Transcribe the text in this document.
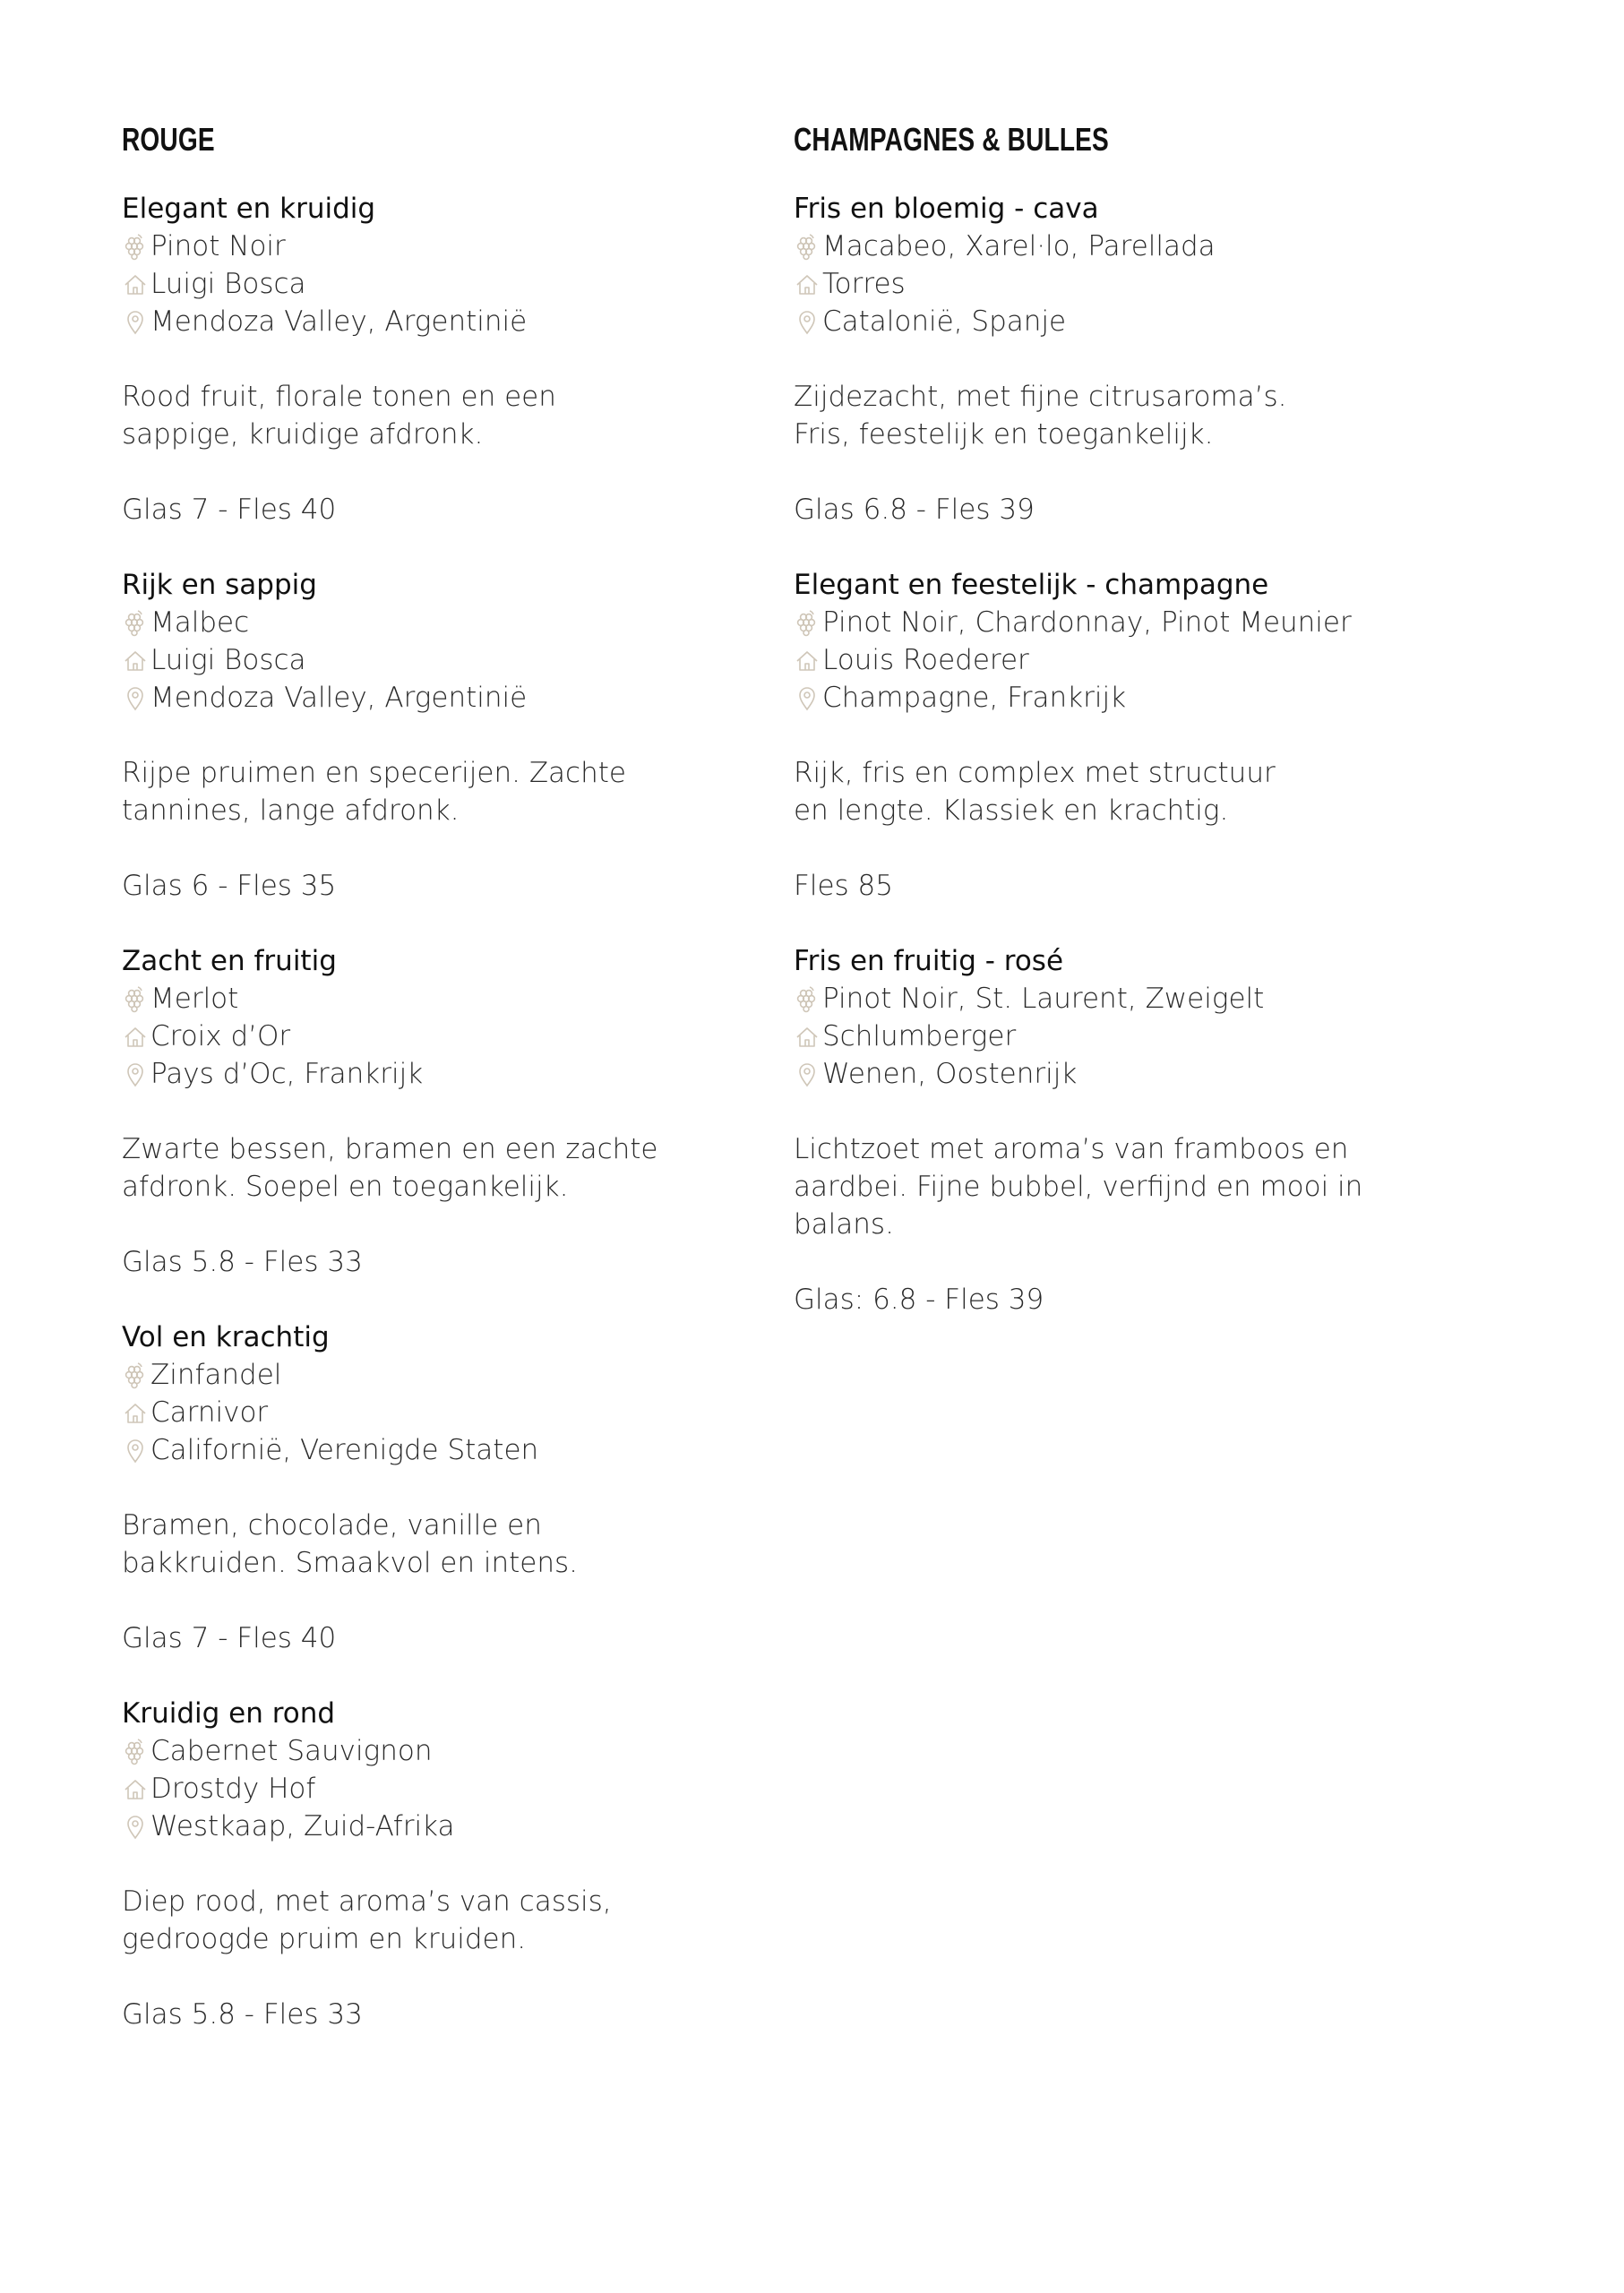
ROUGE
Elegant en kruidig
Pinot Noir
Luigi Bosca
Mendoza Valley, Argentinië
Rood fruit, florale tonen en een
sappige, kruidige afdronk.
Glas 7 - Fles 40
Rijk en sappig
Malbec
Luigi Bosca
Mendoza Valley, Argentinië
Rijpe pruimen en specerijen. Zachte
tannines, lange afdronk.
Glas 6 - Fles 35
Zacht en fruitig
Merlot
Croix d’Or
Pays d’Oc, Frankrijk
Zwarte bessen, bramen en een zachte
afdronk. Soepel en toegankelijk.
Glas 5.8 - Fles 33
Vol en krachtig
Zinfandel
Carnivor
Californië, Verenigde Staten
Bramen, chocolade, vanille en
bakkruiden. Smaakvol en intens.
Glas 7 - Fles 40
Kruidig en rond
Cabernet Sauvignon
Drostdy Hof
Westkaap, Zuid-Afrika
Diep rood, met aroma’s van cassis,
gedroogde pruim en kruiden.
Glas 5.8 - Fles 33
CHAMPAGNES & BULLES
Fris en bloemig - cava
Macabeo, Xarel·lo, Parellada
Torres
Catalonië, Spanje
Zijdezacht, met fijne citrusaroma’s.
Fris, feestelijk en toegankelijk.
Glas 6.8 - Fles 39
Elegant en feestelijk - champagne
Pinot Noir, Chardonnay, Pinot Meunier
Louis Roederer
Champagne, Frankrijk
Rijk, fris en complex met structuur
en lengte. Klassiek en krachtig.
Fles 85
Fris en fruitig - rosé
Pinot Noir, St. Laurent, Zweigelt
Schlumberger
Wenen, Oostenrijk
Lichtzoet met aroma’s van framboos en
aardbei. Fijne bubbel, verfijnd en mooi in
balans.
Glas: 6.8 - Fles 39
